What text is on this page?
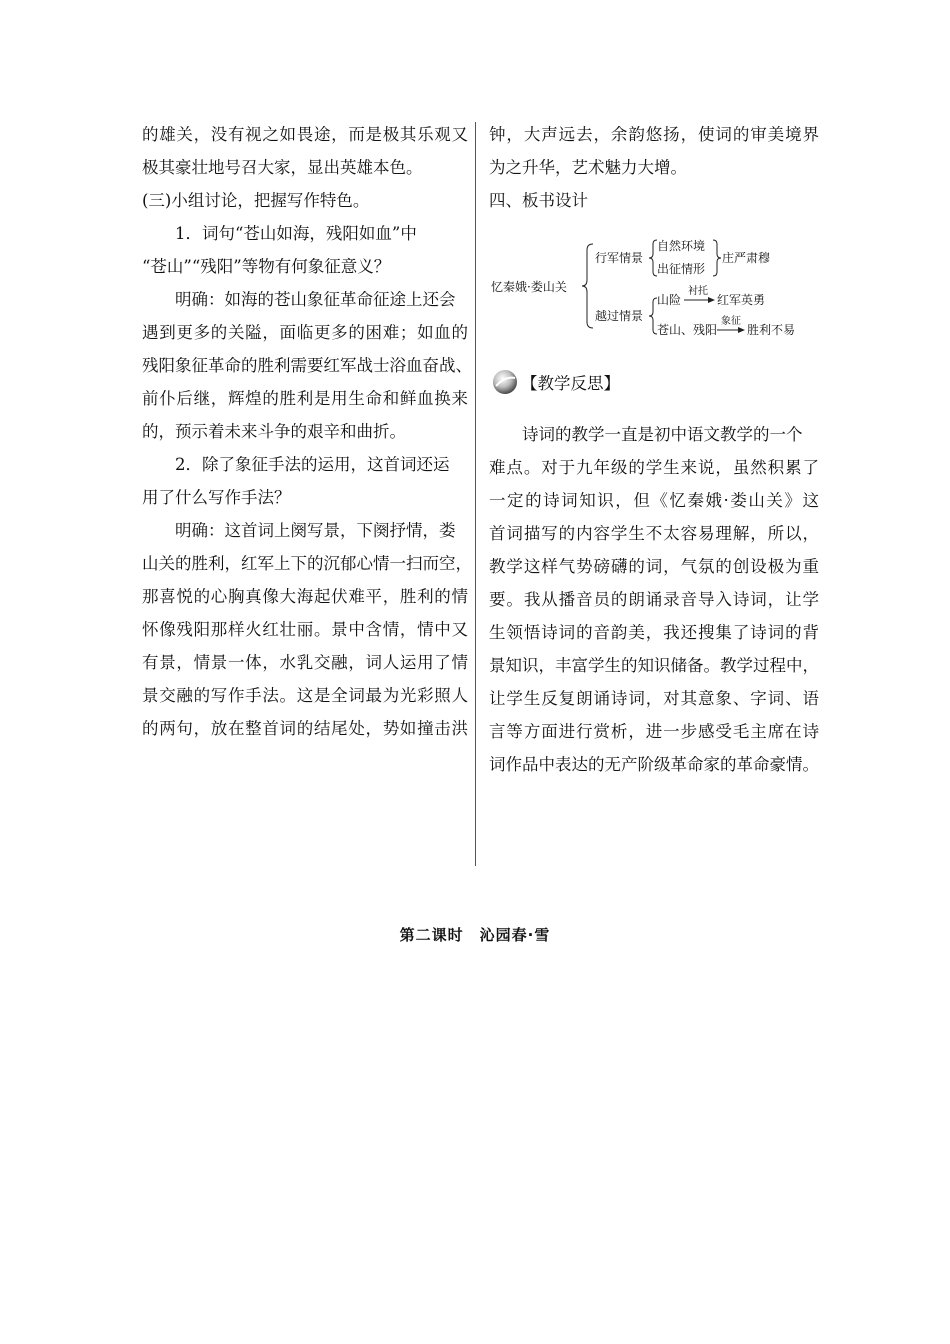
的雄关，没有视之如畏途，而是极其乐观又

极其豪壮地号召大家，显出英雄本色。

(三)小组讨论，把握写作特色。

1．词句“苍山如海，残阳如血”中

“苍山”“残阳”等物有何象征意义？

明确：如海的苍山象征革命征途上还会

遇到更多的关隘，面临更多的困难；如血的

残阳象征革命的胜利需要红军战士浴血奋战、

前仆后继，辉煌的胜利是用生命和鲜血换来

的，预示着未来斗争的艰辛和曲折。

2．除了象征手法的运用，这首词还运

用了什么写作手法？

明确：这首词上阕写景，下阕抒情，娄

山关的胜利，红军上下的沉郁心情一扫而空，

那喜悦的心胸真像大海起伏难平，胜利的情

怀像残阳那样火红壮丽。景中含情，情中又

有景，情景一体，水乳交融，词人运用了情

景交融的写作手法。这是全词最为光彩照人

的两句，放在整首词的结尾处，势如撞击洪

钟，大声远去，余韵悠扬，使词的审美境界

为之升华，艺术魅力大增。

四、板书设计

忆秦娥·娄山关
行军情景
自然环境
出征情形
庄严肃穆
越过情景
山险
衬托
红军英勇
苍山、残阳
象征
胜利不易
【教学反思】

诗词的教学一直是初中语文教学的一个

难点。对于九年级的学生来说，虽然积累了

一定的诗词知识，但《忆秦娥·娄山关》这

首词描写的内容学生不太容易理解，所以，

教学这样气势磅礴的词，气氛的创设极为重

要。我从播音员的朗诵录音导入诗词，让学

生领悟诗词的音韵美，我还搜集了诗词的背

景知识，丰富学生的知识储备。教学过程中，

让学生反复朗诵诗词，对其意象、字词、语

言等方面进行赏析，进一步感受毛主席在诗

词作品中表达的无产阶级革命家的革命豪情。

第二课时　沁园春·雪
